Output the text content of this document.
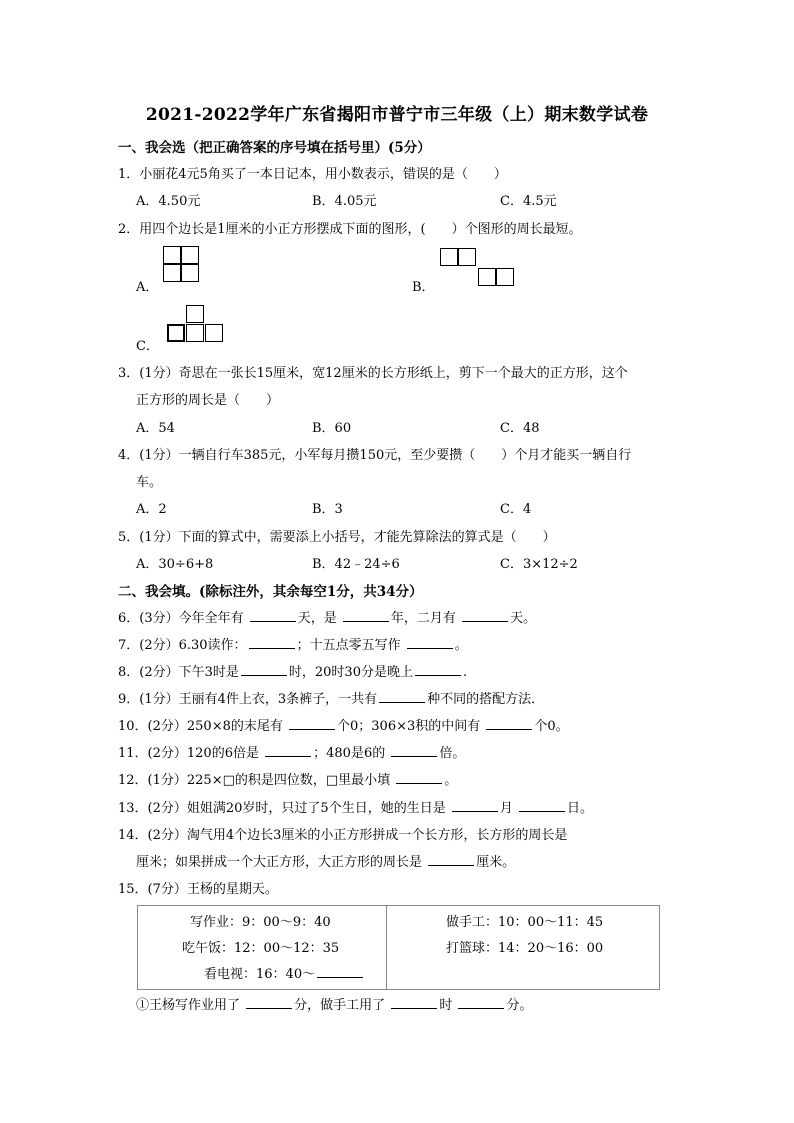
2021-2022学年广东省揭阳市普宁市三年级（上）期末数学试卷
一、我会选（把正确答案的序号填在括号里）(5分）
1．小丽花4元5角买了一本日记本，用小数表示，错误的是（　　）
A．4.50元	B．4.05元	C．4.5元
2．用四个边长是1厘米的小正方形摆成下面的图形，(　　）个图形的周长最短。
A．	B．
C．
3．(1分）奇思在一张长15厘米，宽12厘米的长方形纸上，剪下一个最大的正方形，这个
正方形的周长是（　　）
A．54	B．60	C．48
4．(1分）一辆自行车385元，小军每月攒150元，至少要攒（　　）个月才能买一辆自行
车。
A．2	B．3	C．4
5．(1分）下面的算式中，需要添上小括号，才能先算除法的算式是（　　）
A．30÷6+8	B．42﹣24÷6	C．3×12÷2
二、我会填。(除标注外，其余每空1分，共34分）
6．(3分）今年全年有	天，是	年，二月有	天。
7．(2分）6.30读作：	；十五点零五写作	。
8．(2分）下午3时是	时，20时30分是晚上	.
9．(1分）王丽有4件上衣，3条裤子，一共有	种不同的搭配方法．
10．(2分）250×8的末尾有	个0；306×3积的中间有	个0。
11．(2分）120的6倍是	；480是6的	倍。
12．(1分）225×□的积是四位数，□里最小填	。
13．(2分）姐姐满20岁时，只过了5个生日，她的生日是	月	日。
14．(2分）淘气用4个边长3厘米的小正方形拼成一个长方形，长方形的周长是
厘米；如果拼成一个大正方形，大正方形的周长是	厘米。
15．(7分）王杨的星期天。
写作业：9：00～9：40
吃午饭：12：00～12：35
看电视：16：40～
做手工：10：00～11：45
打篮球：14：20～16：00
①王杨写作业用了	分，做手工用了	时	分。
